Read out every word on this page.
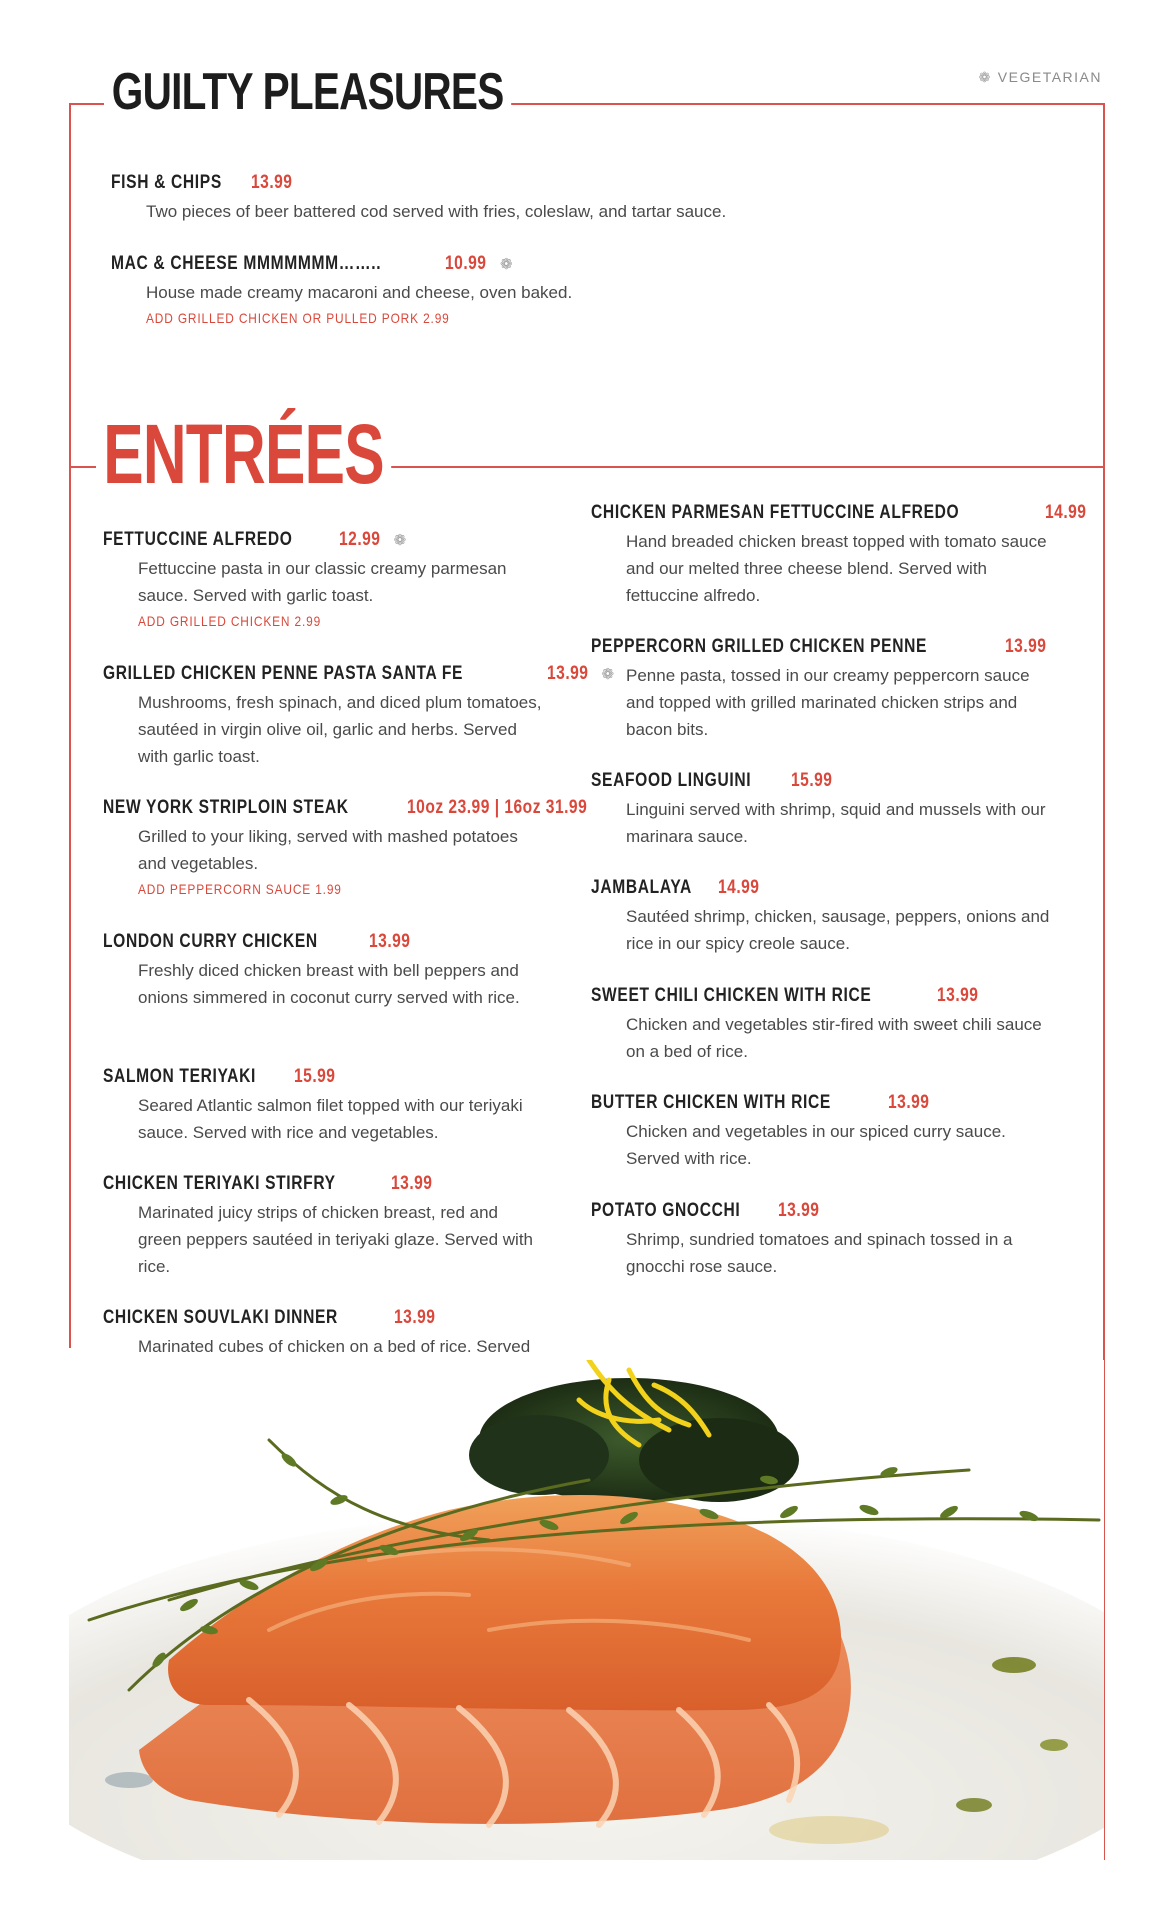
GUILTY PLEASURES
ENTRÉES
❁ VEGETARIAN
FISH & CHIPS 13.99
Two pieces of beer battered cod served with fries, coleslaw, and tartar sauce.
MAC & CHEESE MMMMMMM……..	10.99 ❁
House made creamy macaroni and cheese, oven baked.
ADD GRILLED CHICKEN OR PULLED PORK 2.99
FETTUCCINE ALFREDO 12.99 ❁
Fettuccine pasta in our classic creamy parmesan sauce. Served with garlic toast.
ADD GRILLED CHICKEN 2.99
GRILLED CHICKEN PENNE PASTA SANTA FE	13.99 ❁
Mushrooms, fresh spinach, and diced plum tomatoes, sautéed in virgin olive oil, garlic and herbs. Served with garlic toast.
NEW YORK STRIPLOIN STEAK	10oz 23.99 | 16oz 31.99
Grilled to your liking, served with mashed potatoes and vegetables.
ADD PEPPERCORN SAUCE 1.99
LONDON CURRY CHICKEN	13.99
Freshly diced chicken breast with bell peppers and onions simmered in coconut curry served with rice.
SALMON TERIYAKI 15.99
Seared Atlantic salmon filet topped with our teriyaki sauce. Served with rice and vegetables.
CHICKEN TERIYAKI STIRFRY	13.99
Marinated juicy strips of chicken breast, red and green peppers sautéed in teriyaki glaze. Served with rice.
CHICKEN SOUVLAKI DINNER	13.99
Marinated cubes of chicken on a bed of rice. Served
CHICKEN PARMESAN FETTUCCINE ALFREDO	14.99
Hand breaded chicken breast topped with tomato sauce and our melted three cheese blend. Served with fettuccine alfredo.
PEPPERCORN GRILLED CHICKEN PENNE	13.99
Penne pasta, tossed in our creamy peppercorn sauce and topped with grilled marinated chicken strips and bacon bits.
SEAFOOD LINGUINI 15.99
Linguini served with shrimp, squid and mussels with our marinara sauce.
JAMBALAYA 14.99
Sautéed shrimp, chicken, sausage, peppers, onions and rice in our spicy creole sauce.
SWEET CHILI CHICKEN WITH RICE	13.99
Chicken and vegetables stir-fired with sweet chili sauce on a bed of rice.
BUTTER CHICKEN WITH RICE	13.99
Chicken and vegetables in our spiced curry sauce. Served with rice.
POTATO GNOCCHI 13.99
Shrimp, sundried tomatoes and spinach tossed in a gnocchi rose sauce.
